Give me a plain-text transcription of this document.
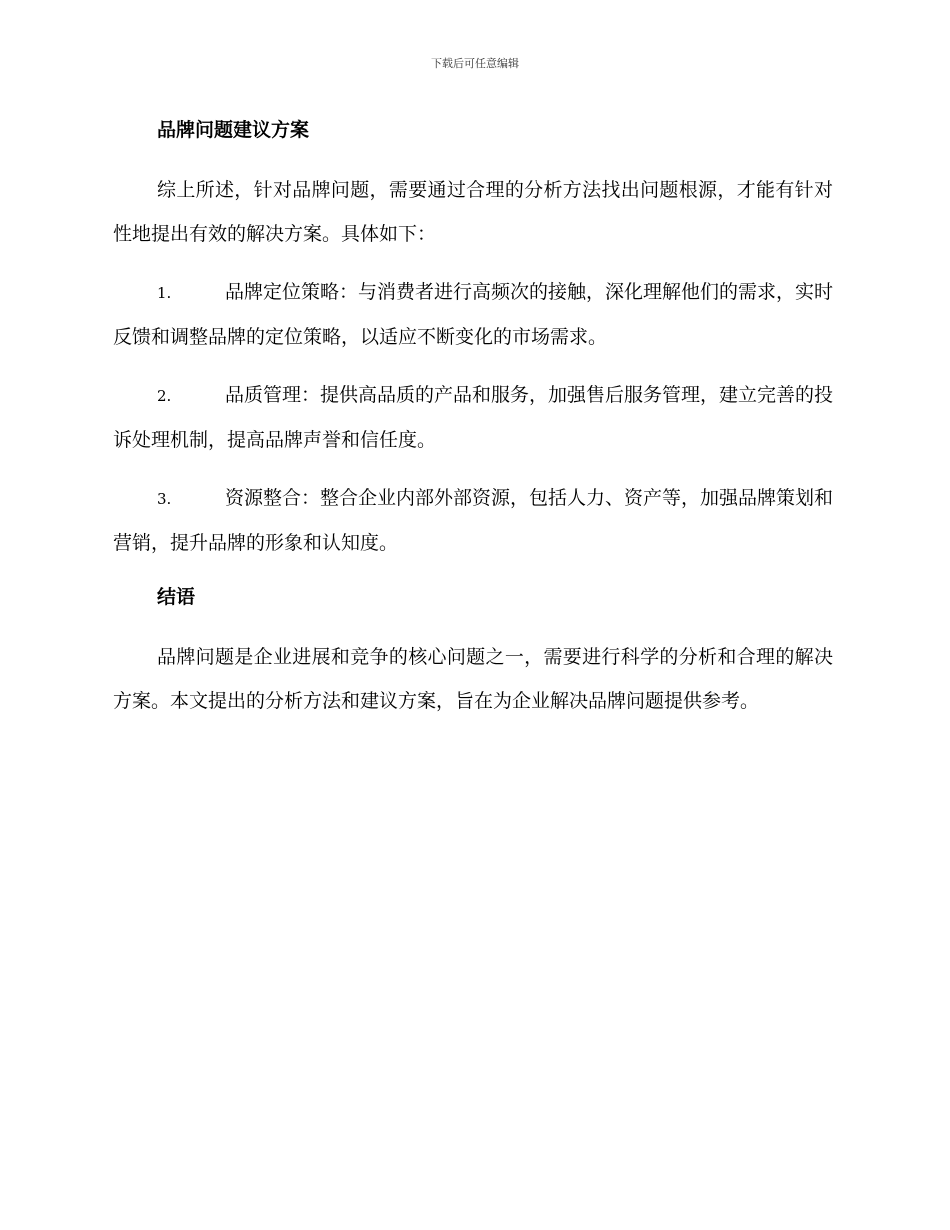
下载后可任意编辑
品牌问题建议方案

综上所述，针对品牌问题，需要通过合理的分析方法找出问题根源，才能有针对性地提出有效的解决方案。具体如下：

1.	品牌定位策略：与消费者进行高频次的接触，深化理解他们的需求，实时反馈和调整品牌的定位策略，以适应不断变化的市场需求。

2.	品质管理：提供高品质的产品和服务，加强售后服务管理，建立完善的投诉处理机制，提高品牌声誉和信任度。

3.	资源整合：整合企业内部外部资源，包括人力、资产等，加强品牌策划和营销，提升品牌的形象和认知度。

结语

品牌问题是企业进展和竞争的核心问题之一，需要进行科学的分析和合理的解决方案。本文提出的分析方法和建议方案，旨在为企业解决品牌问题提供参考。
